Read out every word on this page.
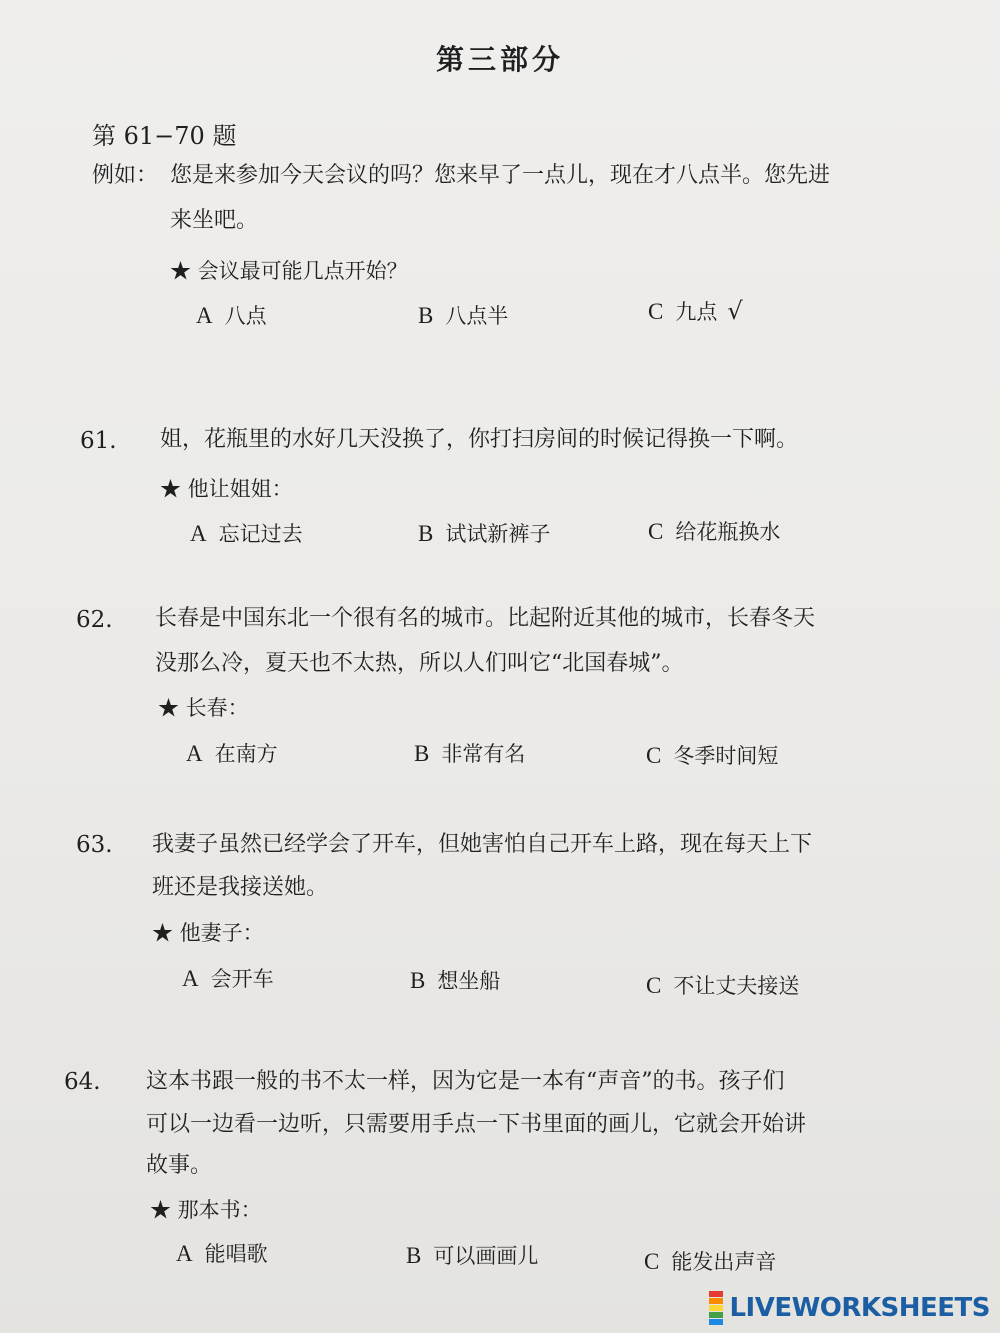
第三部分
第 61−70 题
例如： 您是来参加今天会议的吗？您来早了一点儿，现在才八点半。您先进
来坐吧。
★ 会议最可能几点开始？
A 八点	B 八点半	C 九点 √
61. 姐，花瓶里的水好几天没换了，你打扫房间的时候记得换一下啊。
★ 他让姐姐：
A 忘记过去	B 试试新裤子	C 给花瓶换水
62. 长春是中国东北一个很有名的城市。比起附近其他的城市，长春冬天
没那么冷，夏天也不太热，所以人们叫它“北国春城”。
★ 长春：
A 在南方	B 非常有名	C 冬季时间短
63. 我妻子虽然已经学会了开车，但她害怕自己开车上路，现在每天上下
班还是我接送她。
★ 他妻子：
A 会开车	B 想坐船	C 不让丈夫接送
64. 这本书跟一般的书不太一样，因为它是一本有“声音”的书。孩子们
可以一边看一边听，只需要用手点一下书里面的画儿，它就会开始讲
故事。
★ 那本书：
A 能唱歌	B 可以画画儿	C 能发出声音
LIVEWORKSHEETS
